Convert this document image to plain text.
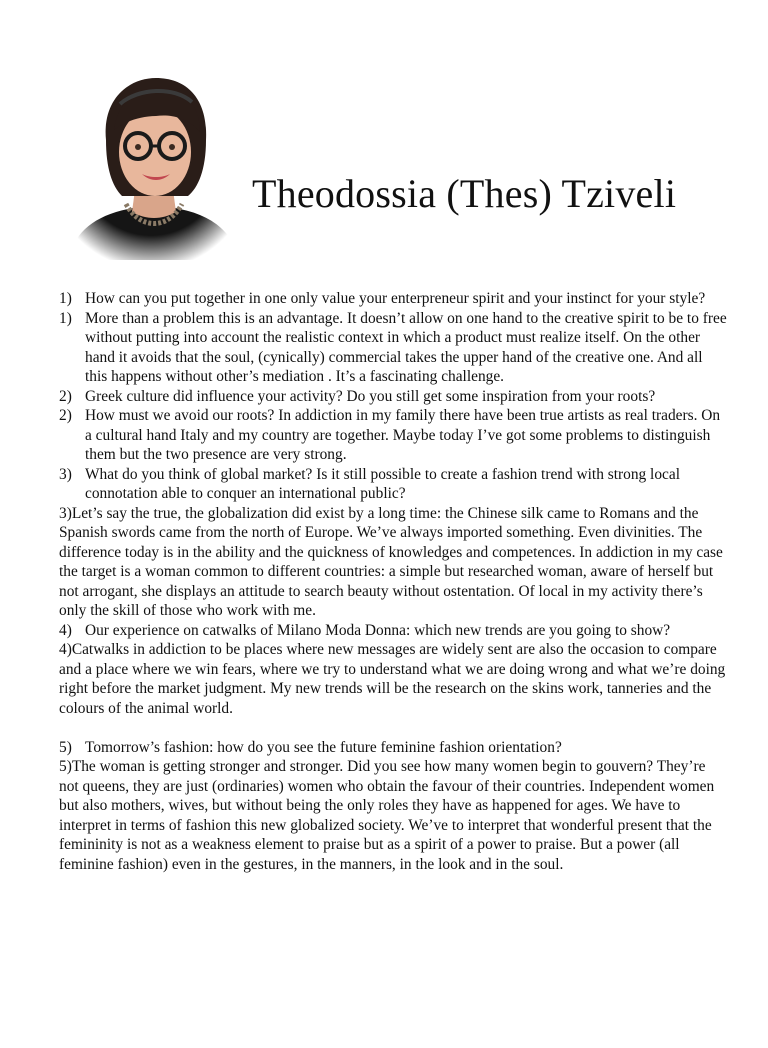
Theodossia (Thes) Tziveli
1) How can you put together in one only value your enterpreneur spirit and your instinct for your style?
1) More than a problem this is an advantage. It doesn’t allow on one hand to the creative spirit to be to free without putting into account the realistic context in which a product must realize itself. On the other hand it avoids that the soul, (cynically) commercial takes the upper hand of the creative one. And all this happens without other’s mediation . It’s a fascinating challenge.
2) Greek culture did influence your activity? Do you still get some inspiration from your roots?
2) How must we avoid our roots? In addiction in my family there have been true artists as real traders. On a cultural hand Italy and my country are together. Maybe today I’ve got some problems to distinguish them but the two presence are very strong.
3) What do you think of global market? Is it still possible to create a fashion trend with strong local connotation able to conquer an international public?
3)Let’s say the true, the globalization did exist by a long time: the Chinese silk came to Romans and the Spanish swords came from the north of Europe. We’ve always imported something. Even divinities. The difference today is in the ability and the quickness of knowledges and competences. In addiction in my case the target is a woman common to different countries: a simple but researched woman, aware of herself but not arrogant, she displays an attitude to search beauty without ostentation. Of local in my activity there’s only the skill of those who work with me.
4) Our experience on catwalks of Milano Moda Donna: which new trends are you going to show?
4)Catwalks in addiction to be places where new messages are widely sent are also the occasion to compare and a place where we win fears, where we try to understand what we are doing wrong and what we’re doing right before the market judgment. My new trends will be the research on the skins work, tanneries and the colours of the animal world.
5) Tomorrow’s fashion: how do you see the future feminine fashion orientation?
5)The woman is getting stronger and stronger. Did you see how many women begin to gouvern? They’re not queens, they are just (ordinaries) women who obtain the favour of their countries. Independent women but also mothers, wives, but without being the only roles they have as happened for ages. We have to interpret in terms of fashion this new globalized society. We’ve to interpret that wonderful present that the femininity is not as a weakness element to praise but as a spirit of a power to praise. But a power (all feminine fashion) even in the gestures, in the manners, in the look and in the soul.
